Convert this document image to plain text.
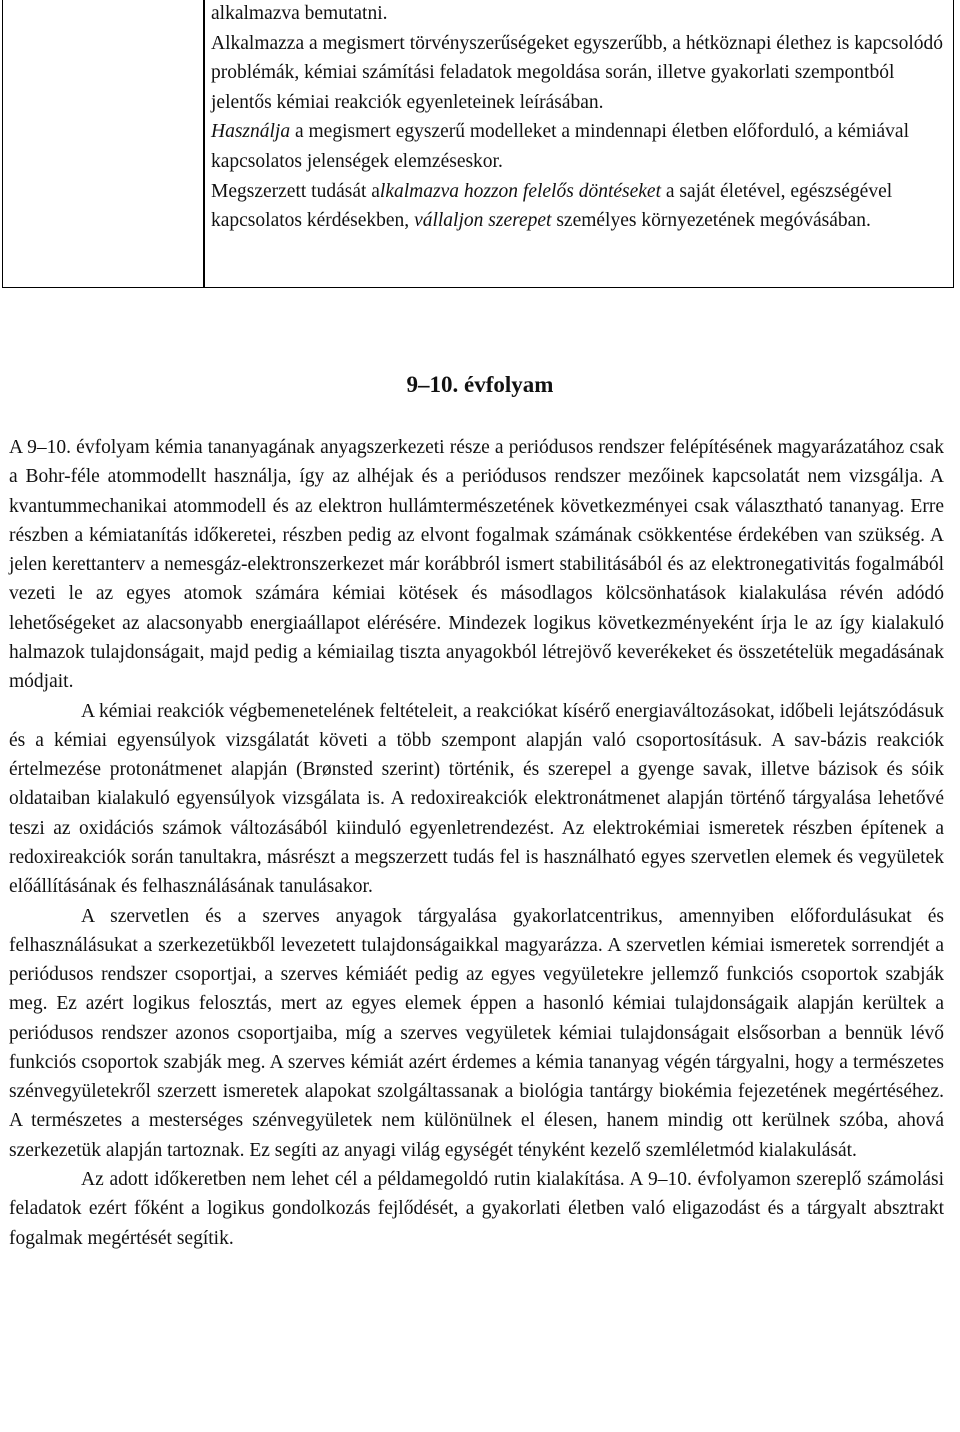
alkalmazva bemutatni.

Alkalmazza a megismert törvényszerűségeket egyszerűbb, a hétköznapi élethez is kapcsolódó problémák, kémiai számítási feladatok megoldása során, illetve gyakorlati szempontból jelentős kémiai reakciók egyenleteinek leírásában.

Használja a megismert egyszerű modelleket a mindennapi életben előforduló, a kémiával kapcsolatos jelenségek elemzéseskor.

Megszerzett tudását alkalmazva hozzon felelős döntéseket a saját életével, egészségével kapcsolatos kérdésekben, vállaljon szerepet személyes környezetének megóvásában.

9–10. évfolyam

A 9–10. évfolyam kémia tananyagának anyagszerkezeti része a periódusos rendszer felépítésének magyarázatához csak a Bohr-féle atommodellt használja, így az alhéjak és a periódusos rendszer mezőinek kapcsolatát nem vizsgálja. A kvantummechanikai atommodell és az elektron hullámtermészetének következményei csak választható tananyag. Erre részben a kémiatanítás időkeretei, részben pedig az elvont fogalmak számának csökkentése érdekében van szükség. A jelen kerettanterv a nemesgáz-elektronszerkezet már korábbról ismert stabilitásából és az elektronegativitás fogalmából vezeti le az egyes atomok számára kémiai kötések és másodlagos kölcsönhatások kialakulása révén adódó lehetőségeket az alacsonyabb energiaállapot elérésére. Mindezek logikus következményeként írja le az így kialakuló halmazok tulajdonságait, majd pedig a kémiailag tiszta anyagokból létrejövő keverékeket és összetételük megadásának módjait.

A kémiai reakciók végbemenetelének feltételeit, a reakciókat kísérő energiaváltozásokat, időbeli lejátszódásuk és a kémiai egyensúlyok vizsgálatát követi a több szempont alapján való csoportosításuk. A sav-bázis reakciók értelmezése protonátmenet alapján (Brønsted szerint) történik, és szerepel a gyenge savak, illetve bázisok és sóik oldataiban kialakuló egyensúlyok vizsgálata is. A redoxireakciók elektronátmenet alapján történő tárgyalása lehetővé teszi az oxidációs számok változásából kiinduló egyenletrendezést. Az elektrokémiai ismeretek részben építenek a redoxireakciók során tanultakra, másrészt a megszerzett tudás fel is használható egyes szervetlen elemek és vegyületek előállításának és felhasználásának tanulásakor.

A szervetlen és a szerves anyagok tárgyalása gyakorlatcentrikus, amennyiben előfordulásukat és felhasználásukat a szerkezetükből levezetett tulajdonságaikkal magyarázza. A szervetlen kémiai ismeretek sorrendjét a periódusos rendszer csoportjai, a szerves kémiáét pedig az egyes vegyületekre jellemző funkciós csoportok szabják meg. Ez azért logikus felosztás, mert az egyes elemek éppen a hasonló kémiai tulajdonságaik alapján kerültek a periódusos rendszer azonos csoportjaiba, míg a szerves vegyületek kémiai tulajdonságait elsősorban a bennük lévő funkciós csoportok szabják meg. A szerves kémiát azért érdemes a kémia tananyag végén tárgyalni, hogy a természetes szénvegyületekről szerzett ismeretek alapokat szolgáltassanak a biológia tantárgy biokémia fejezetének megértéséhez. A természetes a mesterséges szénvegyületek nem különülnek el élesen, hanem mindig ott kerülnek szóba, ahová szerkezetük alapján tartoznak. Ez segíti az anyagi világ egységét tényként kezelő szemléletmód kialakulását.

Az adott időkeretben nem lehet cél a példamegoldó rutin kialakítása. A 9–10. évfolyamon szereplő számolási feladatok ezért főként a logikus gondolkozás fejlődését, a gyakorlati életben való eligazodást és a tárgyalt absztrakt fogalmak megértését segítik.
